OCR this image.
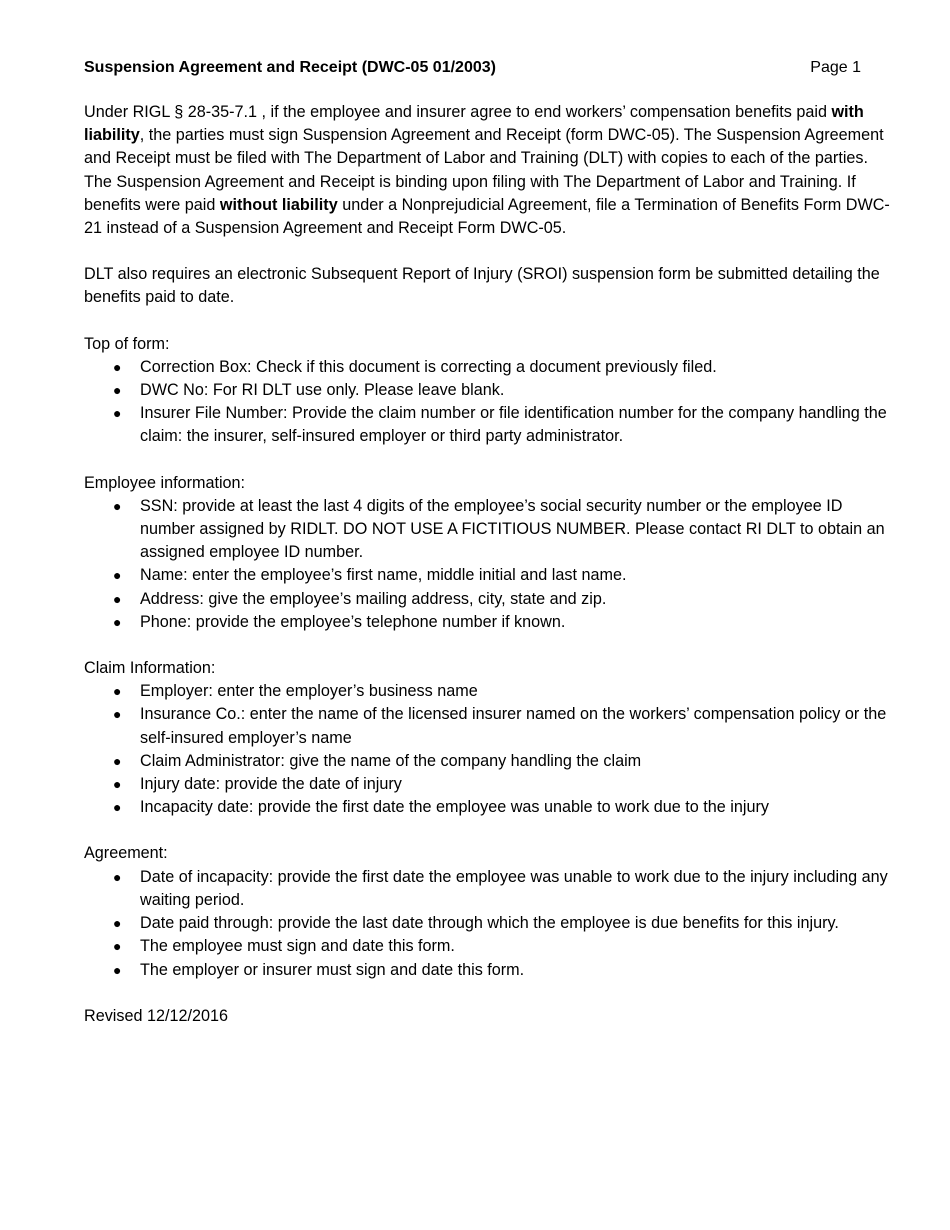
Suspension Agreement and Receipt (DWC-05 01/2003)	Page 1

Under RIGL § 28-35-7.1 , if the employee and insurer agree to end workers’ compensation benefits paid with liability, the parties must sign Suspension Agreement and Receipt (form DWC-05). The Suspension Agreement and Receipt must be filed with The Department of Labor and Training (DLT) with copies to each of the parties. The Suspension Agreement and Receipt is binding upon filing with The Department of Labor and Training. If benefits were paid without liability under a Nonprejudicial Agreement, file a Termination of Benefits Form DWC-21 instead of a Suspension Agreement and Receipt Form DWC-05.

DLT also requires an electronic Subsequent Report of Injury (SROI) suspension form be submitted detailing the benefits paid to date.

Top of form:
● Correction Box: Check if this document is correcting a document previously filed.
● DWC No: For RI DLT use only. Please leave blank.
● Insurer File Number: Provide the claim number or file identification number for the company handling the claim: the insurer, self-insured employer or third party administrator.
Employee information:
● SSN: provide at least the last 4 digits of the employee’s social security number or the employee ID number assigned by RIDLT. DO NOT USE A FICTITIOUS NUMBER. Please contact RI DLT to obtain an assigned employee ID number.
● Name: enter the employee’s first name, middle initial and last name.
● Address: give the employee’s mailing address, city, state and zip.
● Phone: provide the employee’s telephone number if known.
Claim Information:
● Employer: enter the employer’s business name
● Insurance Co.: enter the name of the licensed insurer named on the workers’ compensation policy or the self-insured employer’s name
● Claim Administrator: give the name of the company handling the claim
● Injury date: provide the date of injury
● Incapacity date: provide the first date the employee was unable to work due to the injury
Agreement:
● Date of incapacity: provide the first date the employee was unable to work due to the injury including any waiting period.
● Date paid through: provide the last date through which the employee is due benefits for this injury.
● The employee must sign and date this form.
● The employer or insurer must sign and date this form.
Revised 12/12/2016
